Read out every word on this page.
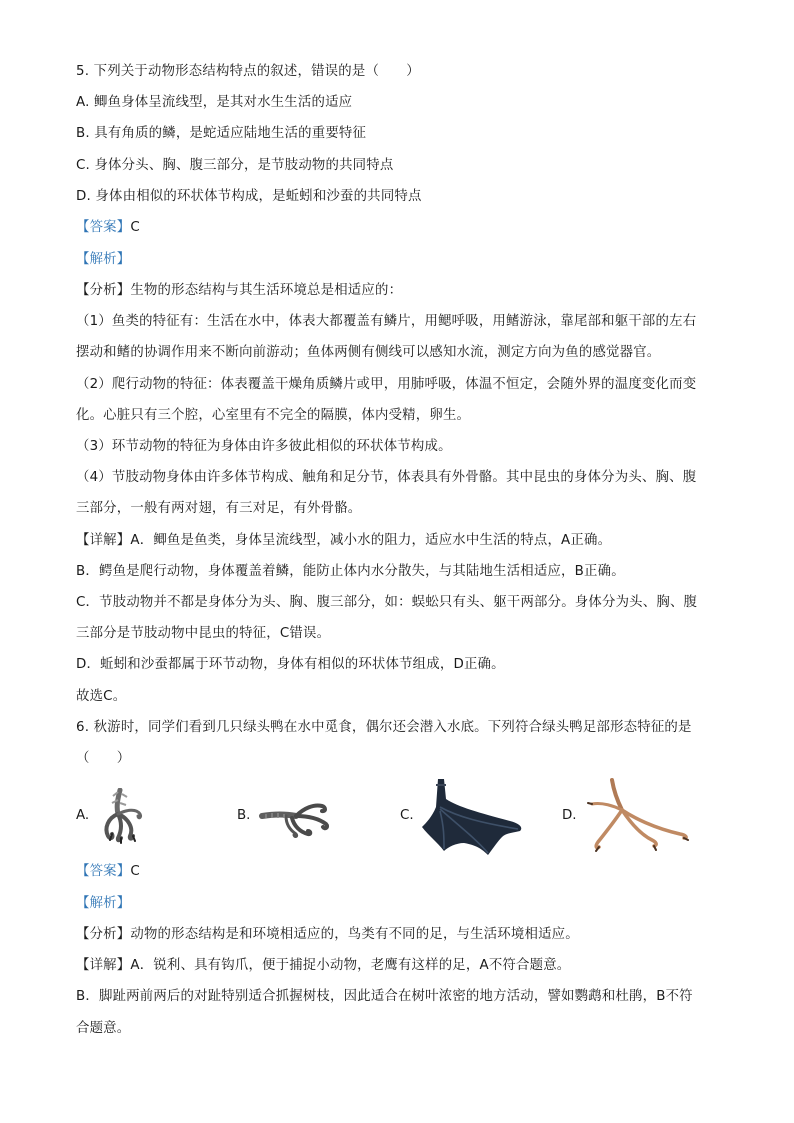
5. 下列关于动物形态结构特点的叙述，错误的是（　　）
A. 鲫鱼身体呈流线型，是其对水生生活的适应
B. 具有角质的鳞，是蛇适应陆地生活的重要特征
C. 身体分头、胸、腹三部分，是节肢动物的共同特点
D. 身体由相似的环状体节构成，是蚯蚓和沙蚕的共同特点
【答案】C
【解析】
【分析】生物的形态结构与其生活环境总是相适应的：
（1）鱼类的特征有：生活在水中，体表大都覆盖有鳞片，用鳃呼吸，用鳍游泳，靠尾部和躯干部的左右
摆动和鳍的协调作用来不断向前游动；鱼体两侧有侧线可以感知水流，测定方向为鱼的感觉器官。
（2）爬行动物的特征：体表覆盖干燥角质鳞片或甲，用肺呼吸，体温不恒定，会随外界的温度变化而变
化。心脏只有三个腔，心室里有不完全的隔膜，体内受精，卵生。
（3）环节动物的特征为身体由许多彼此相似的环状体节构成。
（4）节肢动物身体由许多体节构成、触角和足分节，体表具有外骨骼。其中昆虫的身体分为头、胸、腹
三部分，一般有两对翅，有三对足，有外骨骼。
【详解】A．鲫鱼是鱼类，身体呈流线型，减小水的阻力，适应水中生活的特点，A正确。
B．鳄鱼是爬行动物，身体覆盖着鳞，能防止体内水分散失，与其陆地生活相适应，B正确。
C．节肢动物并不都是身体分为头、胸、腹三部分，如：蜈蚣只有头、躯干两部分。身体分为头、胸、腹
三部分是节肢动物中昆虫的特征，C错误。
D．蚯蚓和沙蚕都属于环节动物，身体有相似的环状体节组成，D正确。
故选C。
6. 秋游时，同学们看到几只绿头鸭在水中觅食，偶尔还会潜入水底。下列符合绿头鸭足部形态特征的是
（　　）
A.	B.	C.	D.
【答案】C
【解析】
【分析】动物的形态结构是和环境相适应的，鸟类有不同的足，与生活环境相适应。
【详解】A．锐利、具有钩爪，便于捕捉小动物，老鹰有这样的足，A不符合题意。
B．脚趾两前两后的对趾特别适合抓握树枝，因此适合在树叶浓密的地方活动，譬如鹦鹉和杜鹃，B不符
合题意。
